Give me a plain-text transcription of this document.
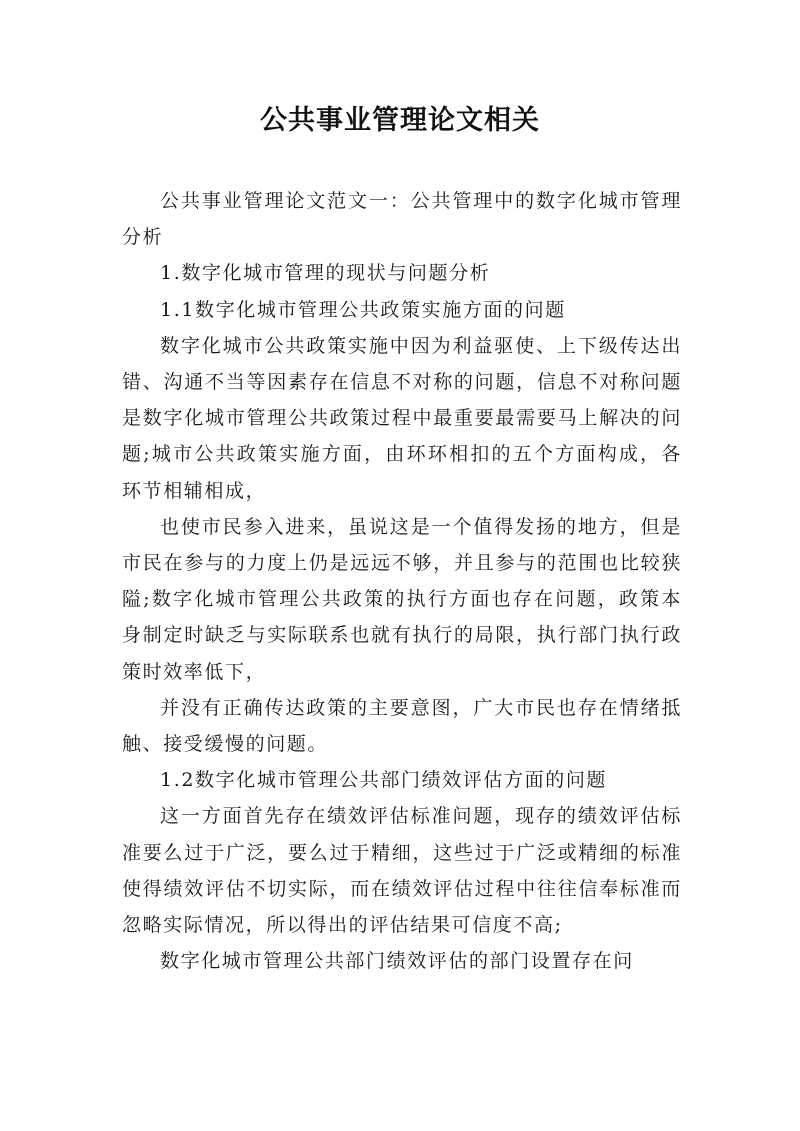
公共事业管理论文相关

公共事业管理论文范文一：公共管理中的数字化城市管理分析

1.数字化城市管理的现状与问题分析

1.1数字化城市管理公共政策实施方面的问题

数字化城市公共政策实施中因为利益驱使、上下级传达出错、沟通不当等因素存在信息不对称的问题，信息不对称问题是数字化城市管理公共政策过程中最重要最需要马上解决的问题;城市公共政策实施方面，由环环相扣的五个方面构成，各环节相辅相成，

也使市民参入进来，虽说这是一个值得发扬的地方，但是市民在参与的力度上仍是远远不够，并且参与的范围也比较狭隘;数字化城市管理公共政策的执行方面也存在问题，政策本身制定时缺乏与实际联系也就有执行的局限，执行部门执行政策时效率低下，

并没有正确传达政策的主要意图，广大市民也存在情绪抵触、接受缓慢的问题。

1.2数字化城市管理公共部门绩效评估方面的问题

这一方面首先存在绩效评估标准问题，现存的绩效评估标准要么过于广泛，要么过于精细，这些过于广泛或精细的标准使得绩效评估不切实际，而在绩效评估过程中往往信奉标准而忽略实际情况，所以得出的评估结果可信度不高;

数字化城市管理公共部门绩效评估的部门设置存在问
